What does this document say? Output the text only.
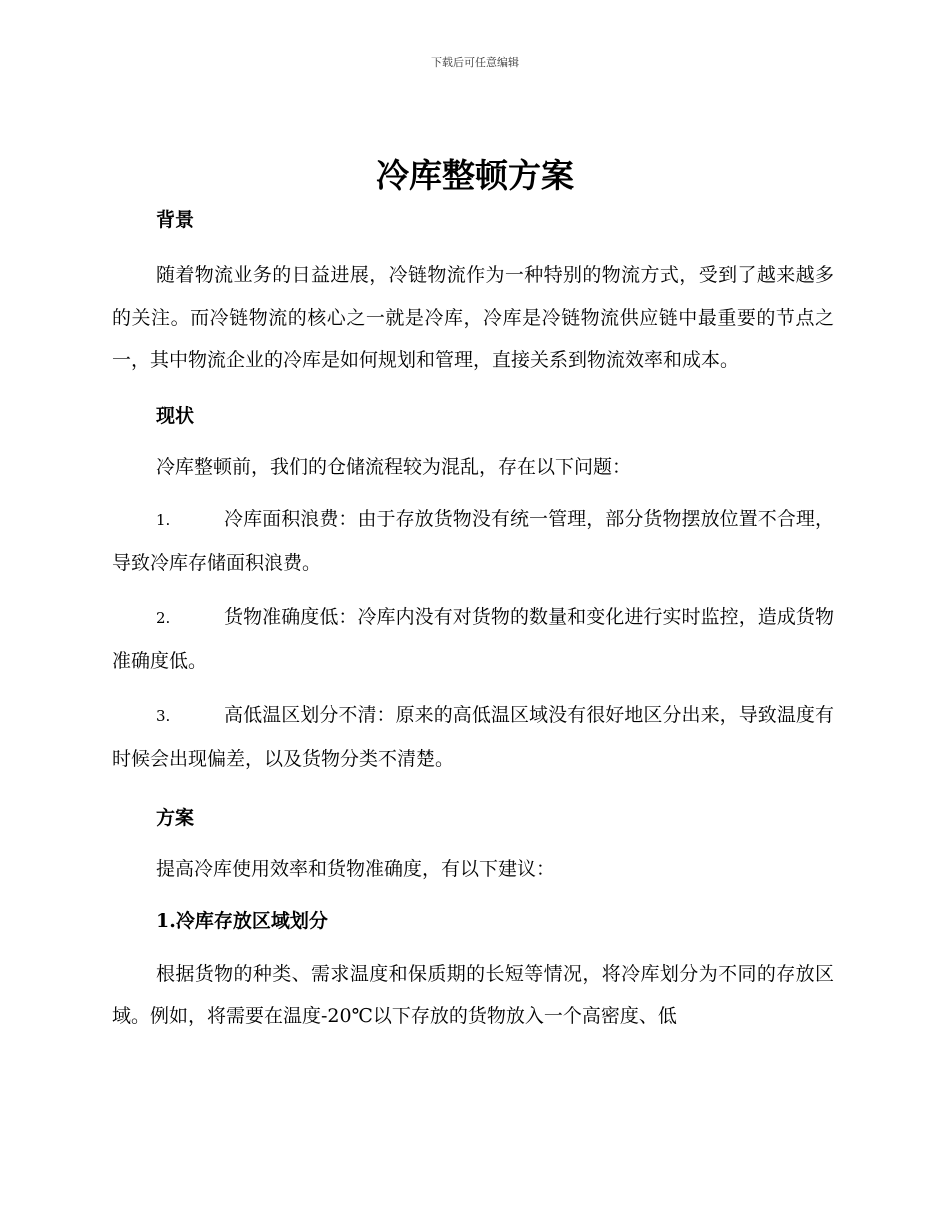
下载后可任意编辑
冷库整顿方案
背景

随着物流业务的日益进展，冷链物流作为一种特别的物流方式，受到了越来越多的关注。而冷链物流的核心之一就是冷库，冷库是冷链物流供应链中最重要的节点之一，其中物流企业的冷库是如何规划和管理，直接关系到物流效率和成本。

现状

冷库整顿前，我们的仓储流程较为混乱，存在以下问题：

1.	冷库面积浪费：由于存放货物没有统一管理，部分货物摆放位置不合理，导致冷库存储面积浪费。

2.	货物准确度低：冷库内没有对货物的数量和变化进行实时监控，造成货物准确度低。

3.	高低温区划分不清：原来的高低温区域没有很好地区分出来，导致温度有时候会出现偏差，以及货物分类不清楚。

方案

提高冷库使用效率和货物准确度，有以下建议：

1.冷库存放区域划分

根据货物的种类、需求温度和保质期的长短等情况，将冷库划分为不同的存放区域。例如，将需要在温度-20℃以下存放的货物放入一个高密度、低
